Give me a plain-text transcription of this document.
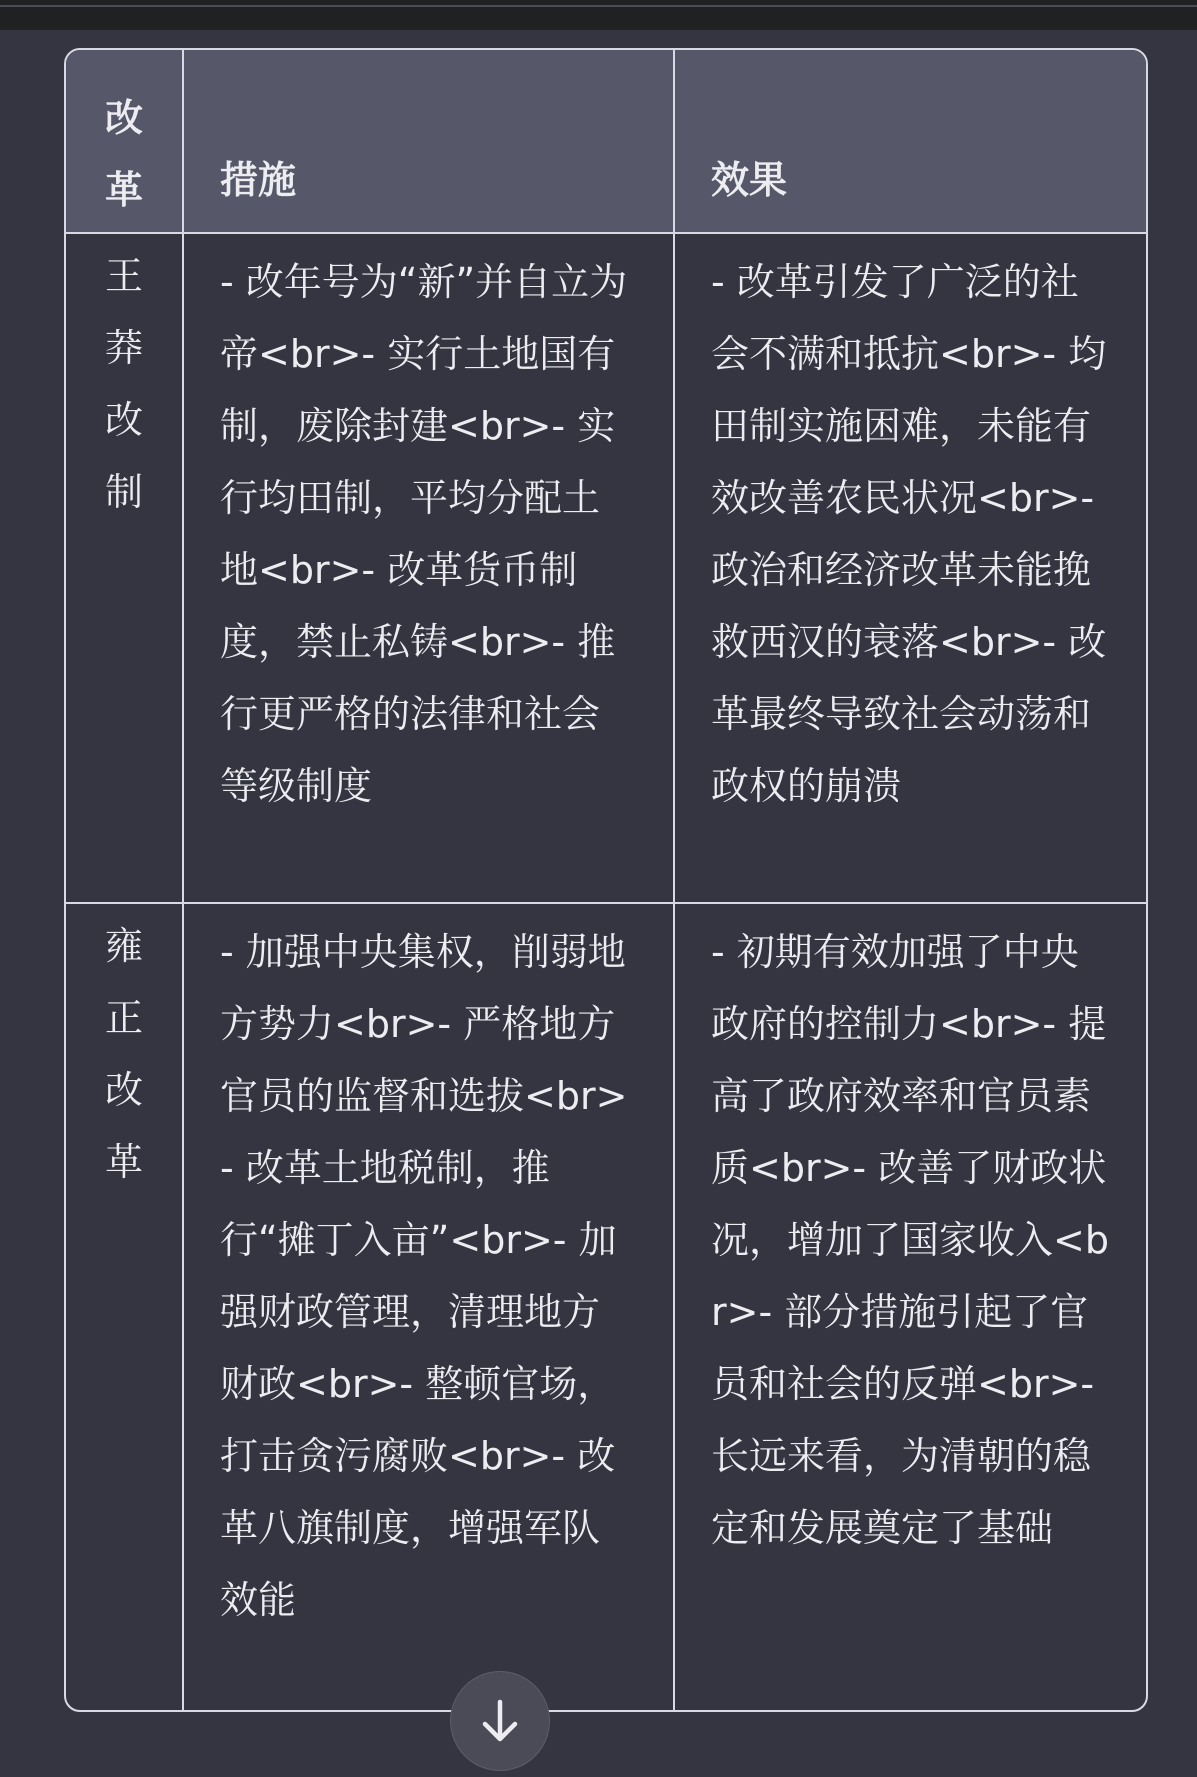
改革	措施	效果
王莽改制	- 改年号为“新”并自立为帝<br>- 实行土地国有制，废除封建<br>- 实行均田制，平均分配土地<br>- 改革货币制度，禁止私铸<br>- 推行更严格的法律和社会等级制度	- 改革引发了广泛的社会不满和抵抗<br>- 均田制实施困难，未能有效改善农民状况<br>- 政治和经济改革未能挽救西汉的衰落<br>- 改革最终导致社会动荡和政权的崩溃
雍正改革	- 加强中央集权，削弱地方势力<br>- 严格地方官员的监督和选拔<br>- 改革土地税制，推行“摊丁入亩”<br>- 加强财政管理，清理地方财政<br>- 整顿官场，打击贪污腐败<br>- 改革八旗制度，增强军队效能	- 初期有效加强了中央政府的控制力<br>- 提高了政府效率和官员素质<br>- 改善了财政状况，增加了国家收入<br>- 部分措施引起了官员和社会的反弹<br>- 长远来看，为清朝的稳定和发展奠定了基础
